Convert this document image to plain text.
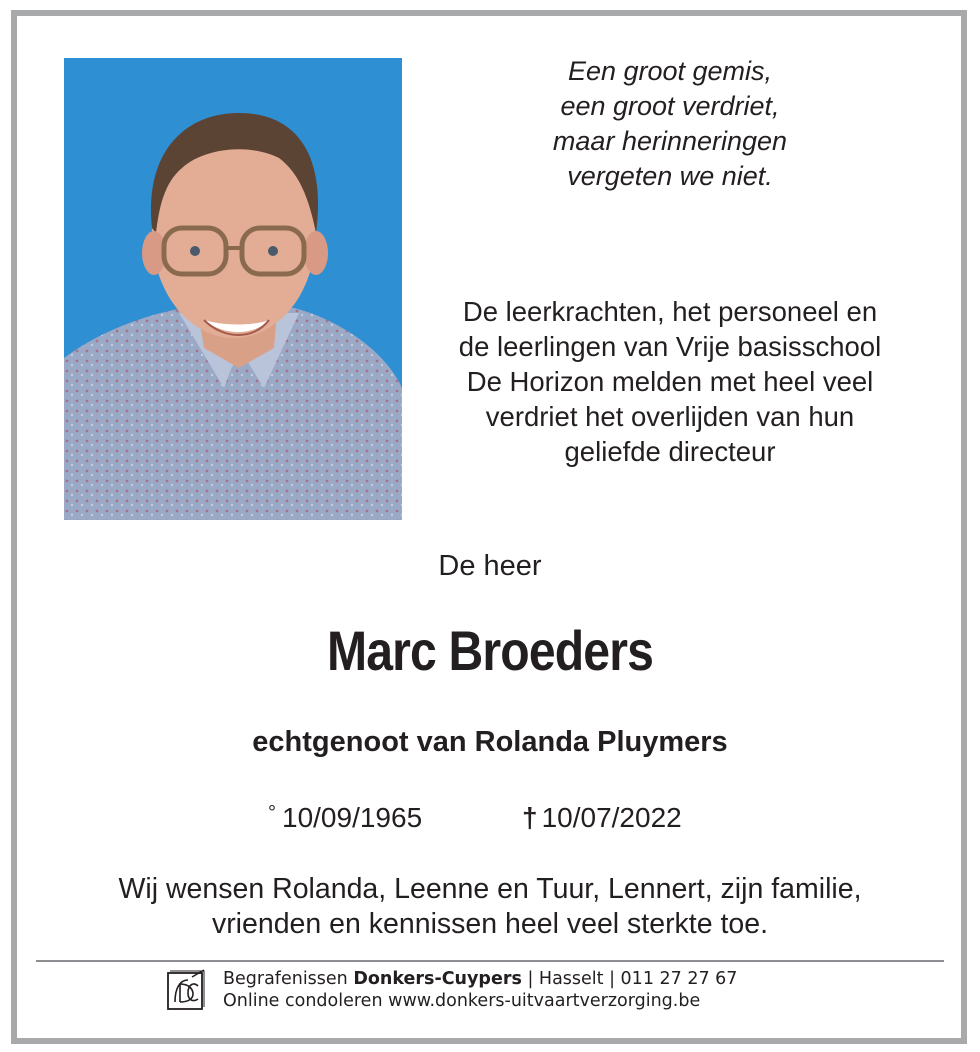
Een groot gemis,
een groot verdriet,
maar herinneringen
vergeten we niet.
De leerkrachten, het personeel en
de leerlingen van Vrije basisschool
De Horizon melden met heel veel
verdriet het overlijden van hun
geliefde directeur
De heer
Marc Broeders
echtgenoot van Rolanda Pluymers
° 10/09/1965	† 10/07/2022
Wij wensen Rolanda, Leenne en Tuur, Lennert, zijn familie,
vrienden en kennissen heel veel sterkte toe.
Begrafenissen Donkers-Cuypers | Hasselt | 011 27 27 67
Online condoleren www.donkers-uitvaartverzorging.be
